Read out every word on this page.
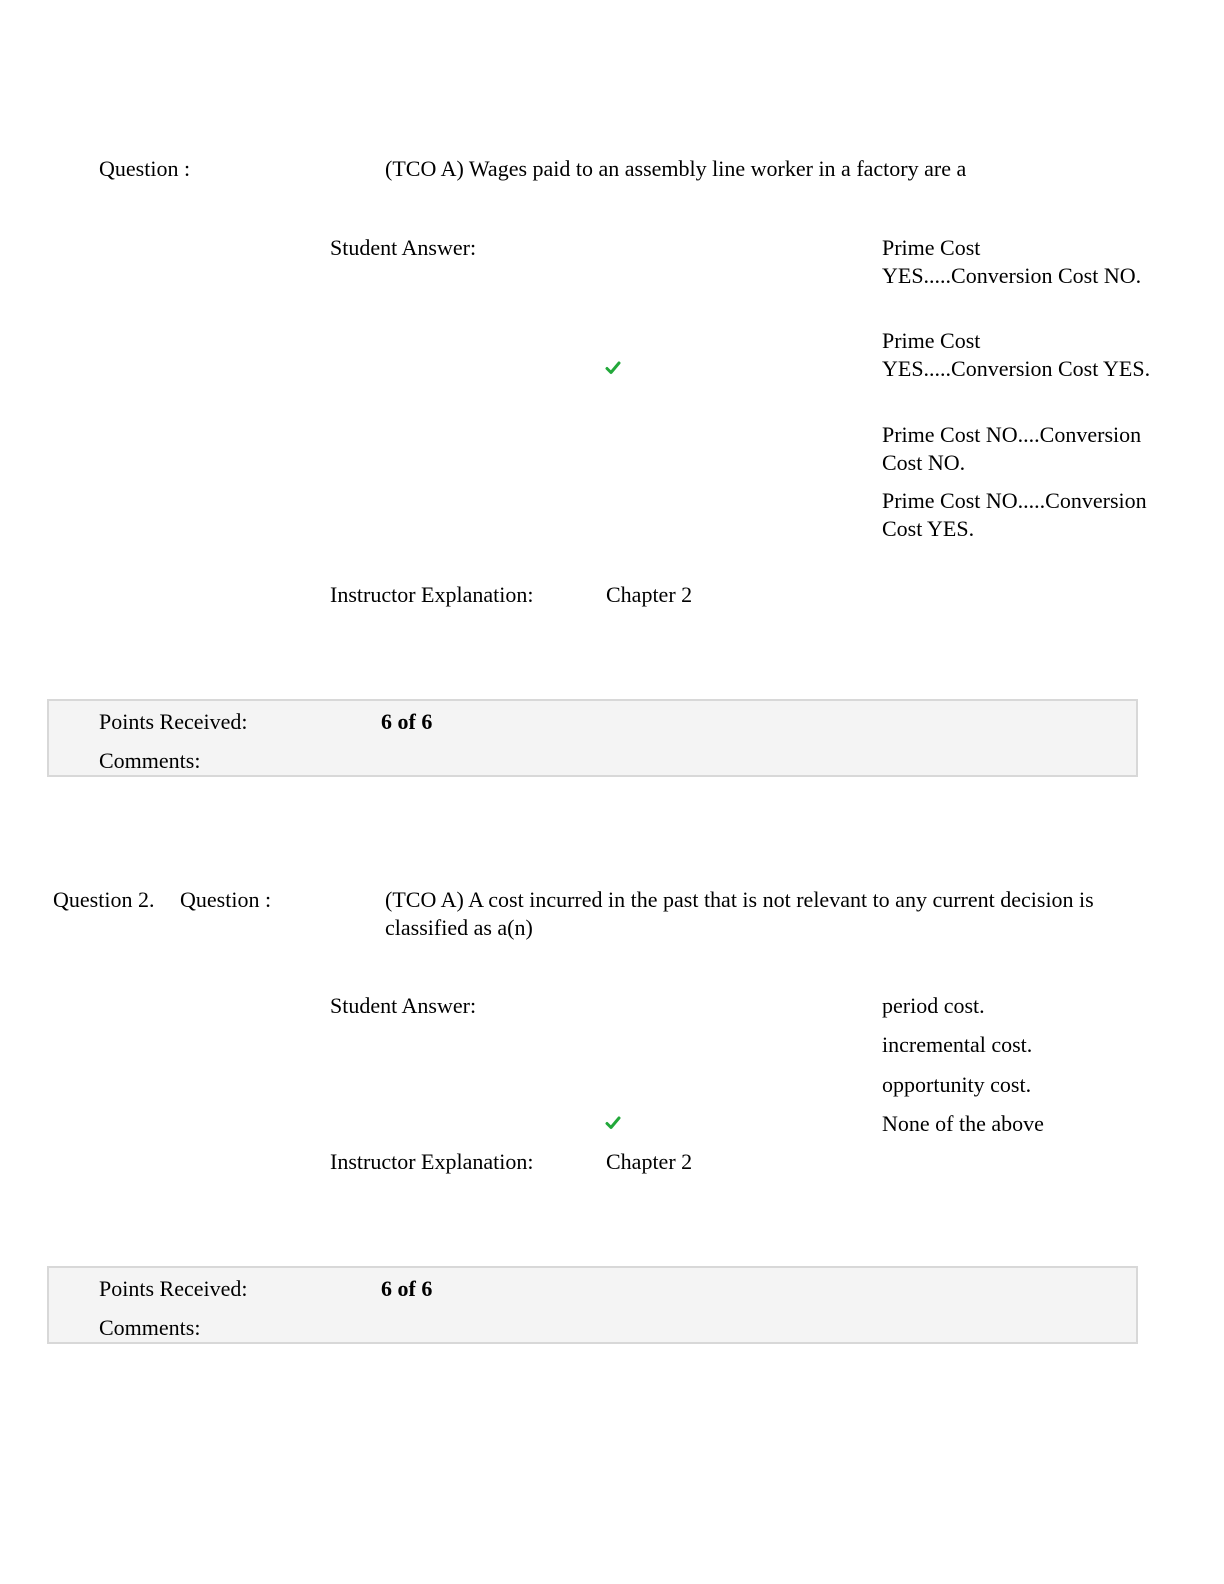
Question :	(TCO A) Wages paid to an assembly line worker in a factory are a
Student Answer:	Prime Cost YES.....Conversion Cost NO.
Prime Cost YES.....Conversion Cost YES.
Prime Cost NO....Conversion Cost NO.
Prime Cost NO.....Conversion Cost YES.
Instructor Explanation:	Chapter 2
Points Received:	6 of 6
Comments:
Question 2. Question :	(TCO A) A cost incurred in the past that is not relevant to any current decision is classified as a(n)
Student Answer:	period cost.
incremental cost.
opportunity cost.
None of the above
Instructor Explanation:	Chapter 2
Points Received:	6 of 6
Comments:
